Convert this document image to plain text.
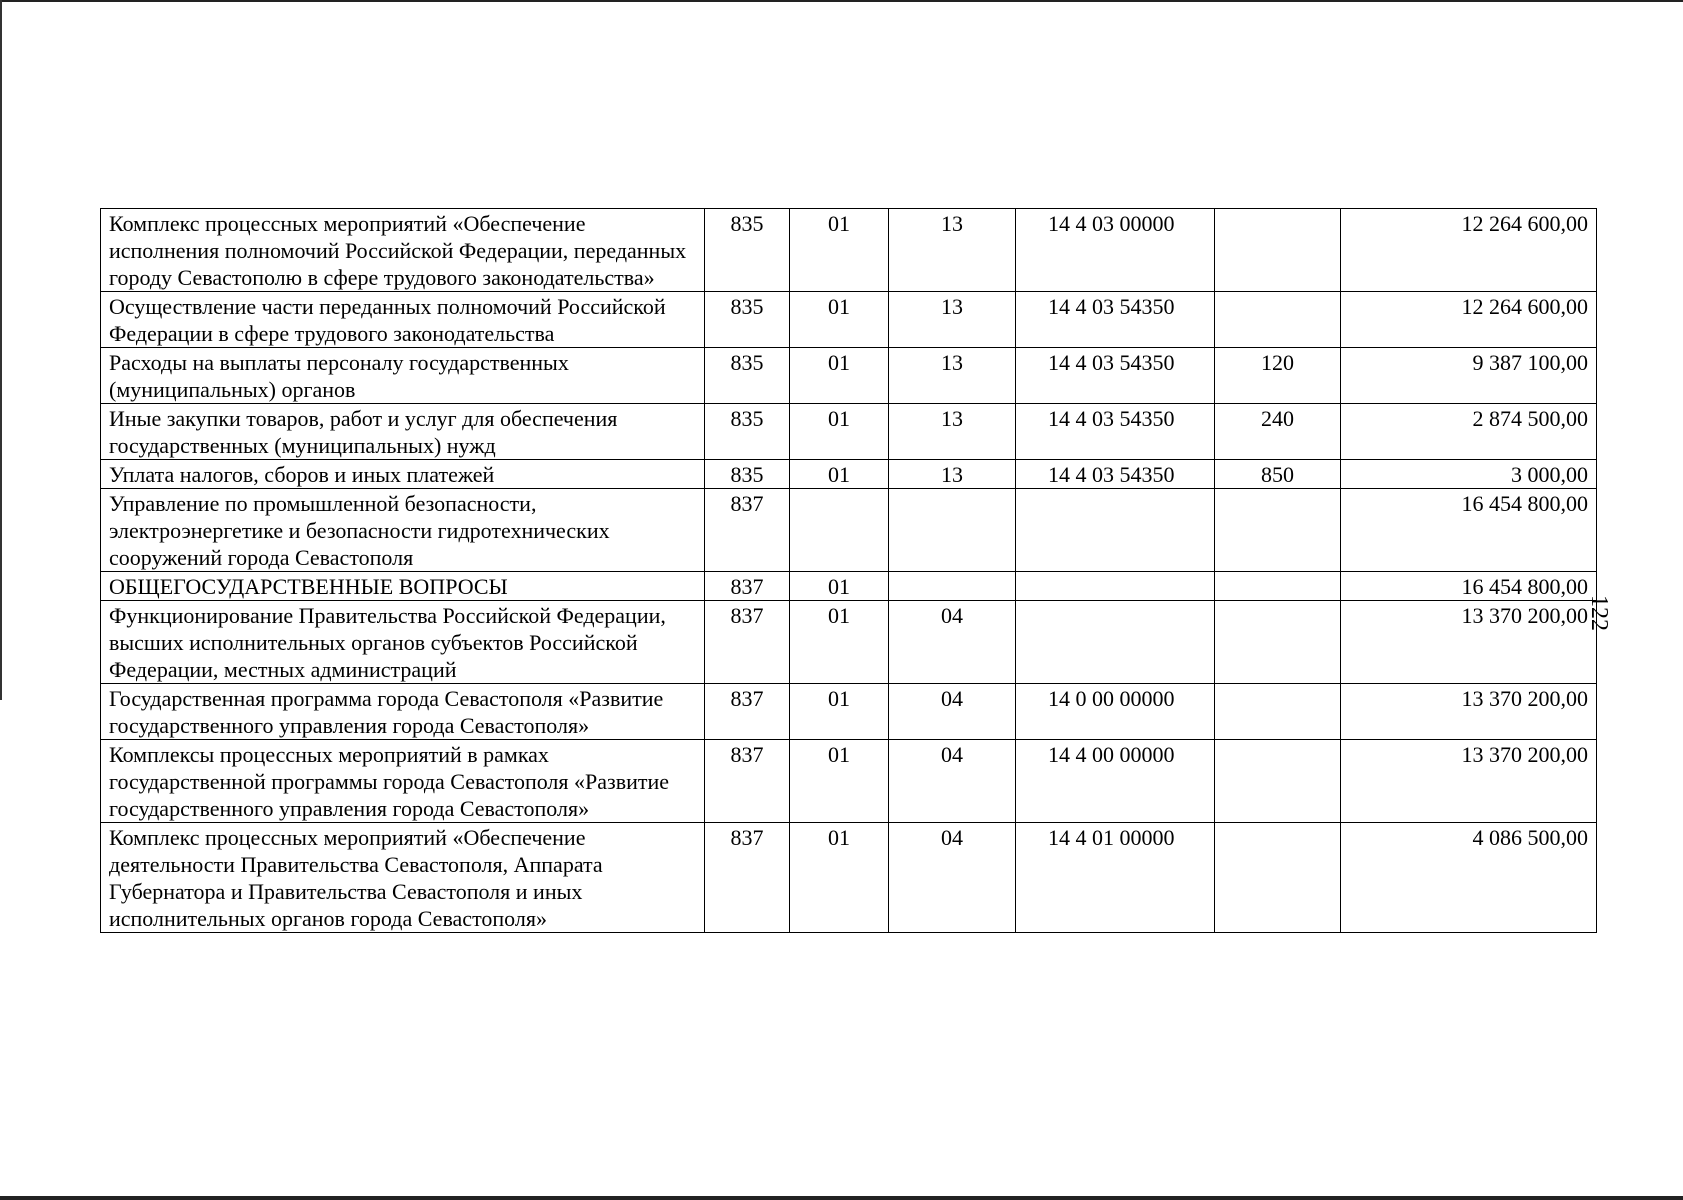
Комплекс процессных мероприятий «Обеспечение исполнения полномочий Российской Федерации, переданных городу Севастополю в сфере трудового законодательства»	835	01	13	14 4 03 00000		12 264 600,00
Осуществление части переданных полномочий Российской Федерации в сфере трудового законодательства	835	01	13	14 4 03 54350		12 264 600,00
Расходы на выплаты персоналу государственных (муниципальных) органов	835	01	13	14 4 03 54350	120	9 387 100,00
Иные закупки товаров, работ и услуг для обеспечения государственных (муниципальных) нужд	835	01	13	14 4 03 54350	240	2 874 500,00
Уплата налогов, сборов и иных платежей	835	01	13	14 4 03 54350	850	3 000,00
Управление по промышленной безопасности, электроэнергетике и безопасности гидротехнических сооружений города Севастополя	837					16 454 800,00
ОБЩЕГОСУДАРСТВЕННЫЕ ВОПРОСЫ	837	01				16 454 800,00
Функционирование Правительства Российской Федерации, высших исполнительных органов субъектов Российской Федерации, местных администраций	837	01	04			13 370 200,00
Государственная программа города Севастополя «Развитие государственного управления города Севастополя»	837	01	04	14 0 00 00000		13 370 200,00
Комплексы процессных мероприятий в рамках государственной программы города Севастополя «Развитие государственного управления города Севастополя»	837	01	04	14 4 00 00000		13 370 200,00
Комплекс процессных мероприятий «Обеспечение деятельности Правительства Севастополя, Аппарата Губернатора и Правительства Севастополя и иных исполнительных органов города Севастополя»	837	01	04	14 4 01 00000		4 086 500,00
122
